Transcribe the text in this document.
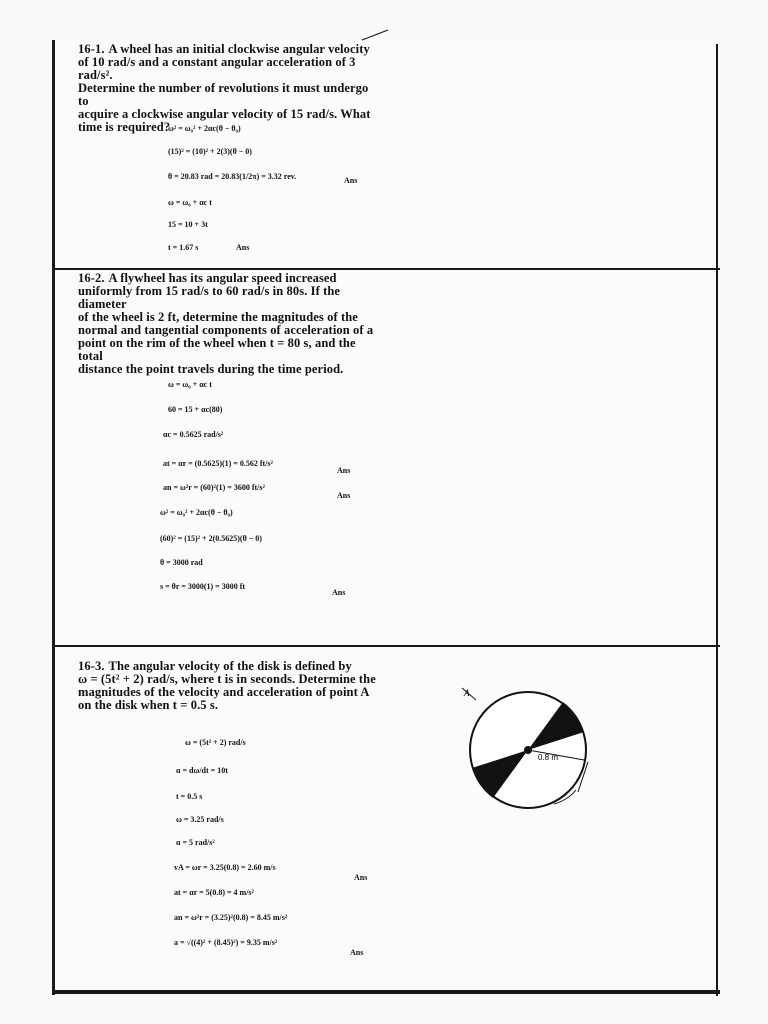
16-1. A wheel has an initial clockwise angular velocity
of 10 rad/s and a constant angular acceleration of 3 rad/s².
Determine the number of revolutions it must undergo to
acquire a clockwise angular velocity of 15 rad/s. What
time is required?
ω² = ω₀² + 2αc(θ − θ₀)
(15)² = (10)² + 2(3)(θ − 0)
θ = 20.83 rad = 20.83(1/2π) = 3.32 rev.	Ans
ω = ω₀ + αc t
15 = 10 + 3t
t = 1.67 s	Ans
16-2. A flywheel has its angular speed increased
uniformly from 15 rad/s to 60 rad/s in 80s. If the diameter
of the wheel is 2 ft, determine the magnitudes of the
normal and tangential components of acceleration of a
point on the rim of the wheel when t = 80 s, and the total
distance the point travels during the time period.
ω = ω₀ + αc t
60 = 15 + αc(80)
αc = 0.5625 rad/s²
at = αr = (0.5625)(1) = 0.562 ft/s²
Ans
an = ω²r = (60)²(1) = 3600 ft/s²
Ans
ω² = ω₀² + 2αc(θ − θ₀)
(60)² = (15)² + 2(0.5625)(θ − 0)
θ = 3000 rad
s = θr = 3000(1) = 3000 ft
Ans
16-3. The angular velocity of the disk is defined by
ω = (5t² + 2) rad/s, where t is in seconds. Determine the
magnitudes of the velocity and acceleration of point A
on the disk when t = 0.5 s.
ω = (5t² + 2) rad/s
α = dω/dt = 10t
t = 0.5 s
ω = 3.25 rad/s
α = 5 rad/s²
vA = ωr = 3.25(0.8) = 2.60 m/s
Ans
at = αr = 5(0.8) = 4 m/s²
an = ω²r = (3.25)²(0.8) = 8.45 m/s²
a = √((4)² + (8.45)²) = 9.35 m/s²
Ans
A
0.8 m
